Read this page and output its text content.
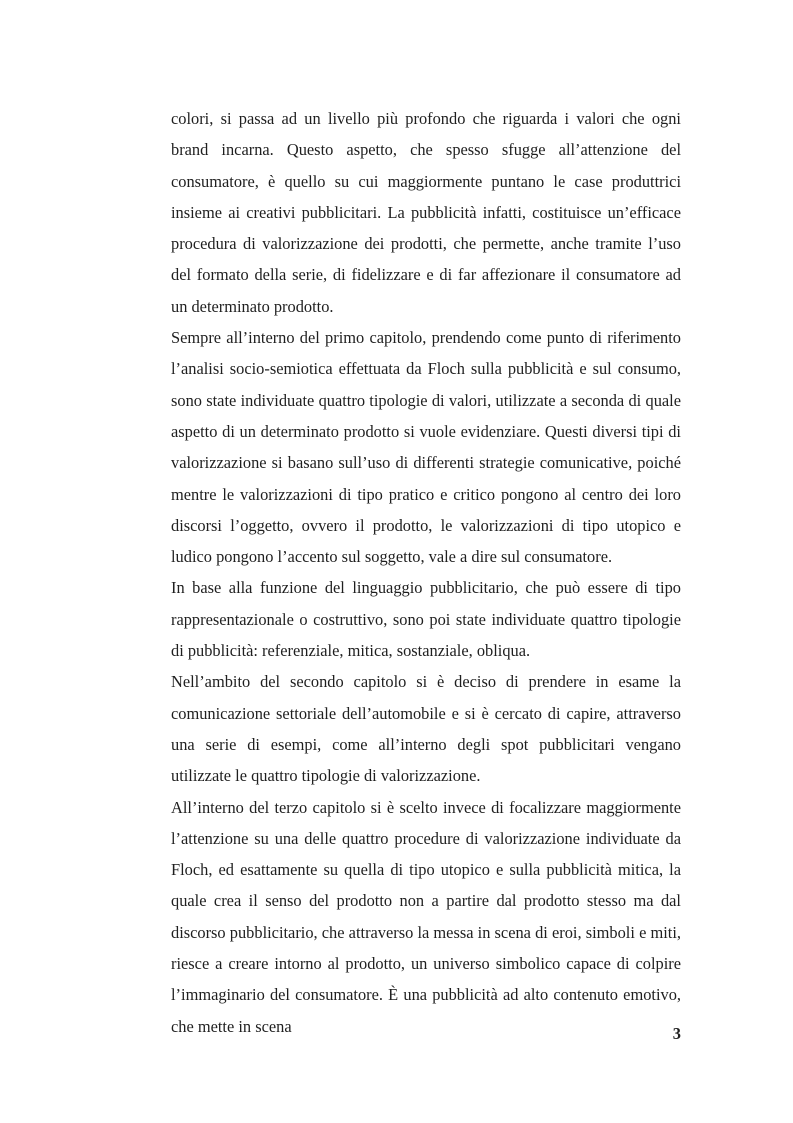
colori, si passa ad un livello più profondo che riguarda i valori che ogni brand incarna. Questo aspetto, che spesso sfugge all’attenzione del consumatore, è quello su cui maggiormente puntano le case produttrici insieme ai creativi pubblicitari. La pubblicità infatti, costituisce un’efficace procedura di valorizzazione dei prodotti, che permette, anche tramite l’uso del formato della serie, di fidelizzare e di far affezionare il consumatore ad un determinato prodotto.

Sempre all’interno del primo capitolo, prendendo come punto di riferimento l’analisi socio-semiotica effettuata da Floch sulla pubblicità e sul consumo, sono state individuate quattro tipologie di valori, utilizzate a seconda di quale aspetto di un determinato prodotto si vuole evidenziare. Questi diversi tipi di valorizzazione si basano sull’uso di differenti strategie comunicative, poiché mentre le valorizzazioni di tipo pratico e critico pongono al centro dei loro discorsi l’oggetto, ovvero il prodotto, le valorizzazioni di tipo utopico e ludico pongono l’accento sul soggetto, vale a dire sul consumatore.

In base alla funzione del linguaggio pubblicitario, che può essere di tipo rappresentazionale o costruttivo, sono poi state individuate quattro tipologie di pubblicità: referenziale, mitica, sostanziale, obliqua.

Nell’ambito del secondo capitolo si è deciso di prendere in esame la comunicazione settoriale dell’automobile e si è cercato di capire, attraverso una serie di esempi, come all’interno degli spot pubblicitari vengano utilizzate le quattro tipologie di valorizzazione.

All’interno del terzo capitolo si è scelto invece di focalizzare maggiormente l’attenzione su una delle quattro procedure di valorizzazione individuate da Floch, ed esattamente su quella di tipo utopico e sulla pubblicità mitica, la quale crea il senso del prodotto non a partire dal prodotto stesso ma dal discorso pubblicitario, che attraverso la messa in scena di eroi, simboli e miti, riesce a creare intorno al prodotto, un universo simbolico capace di colpire l’immaginario del consumatore. È una pubblicità ad alto contenuto emotivo, che mette in scena	3
